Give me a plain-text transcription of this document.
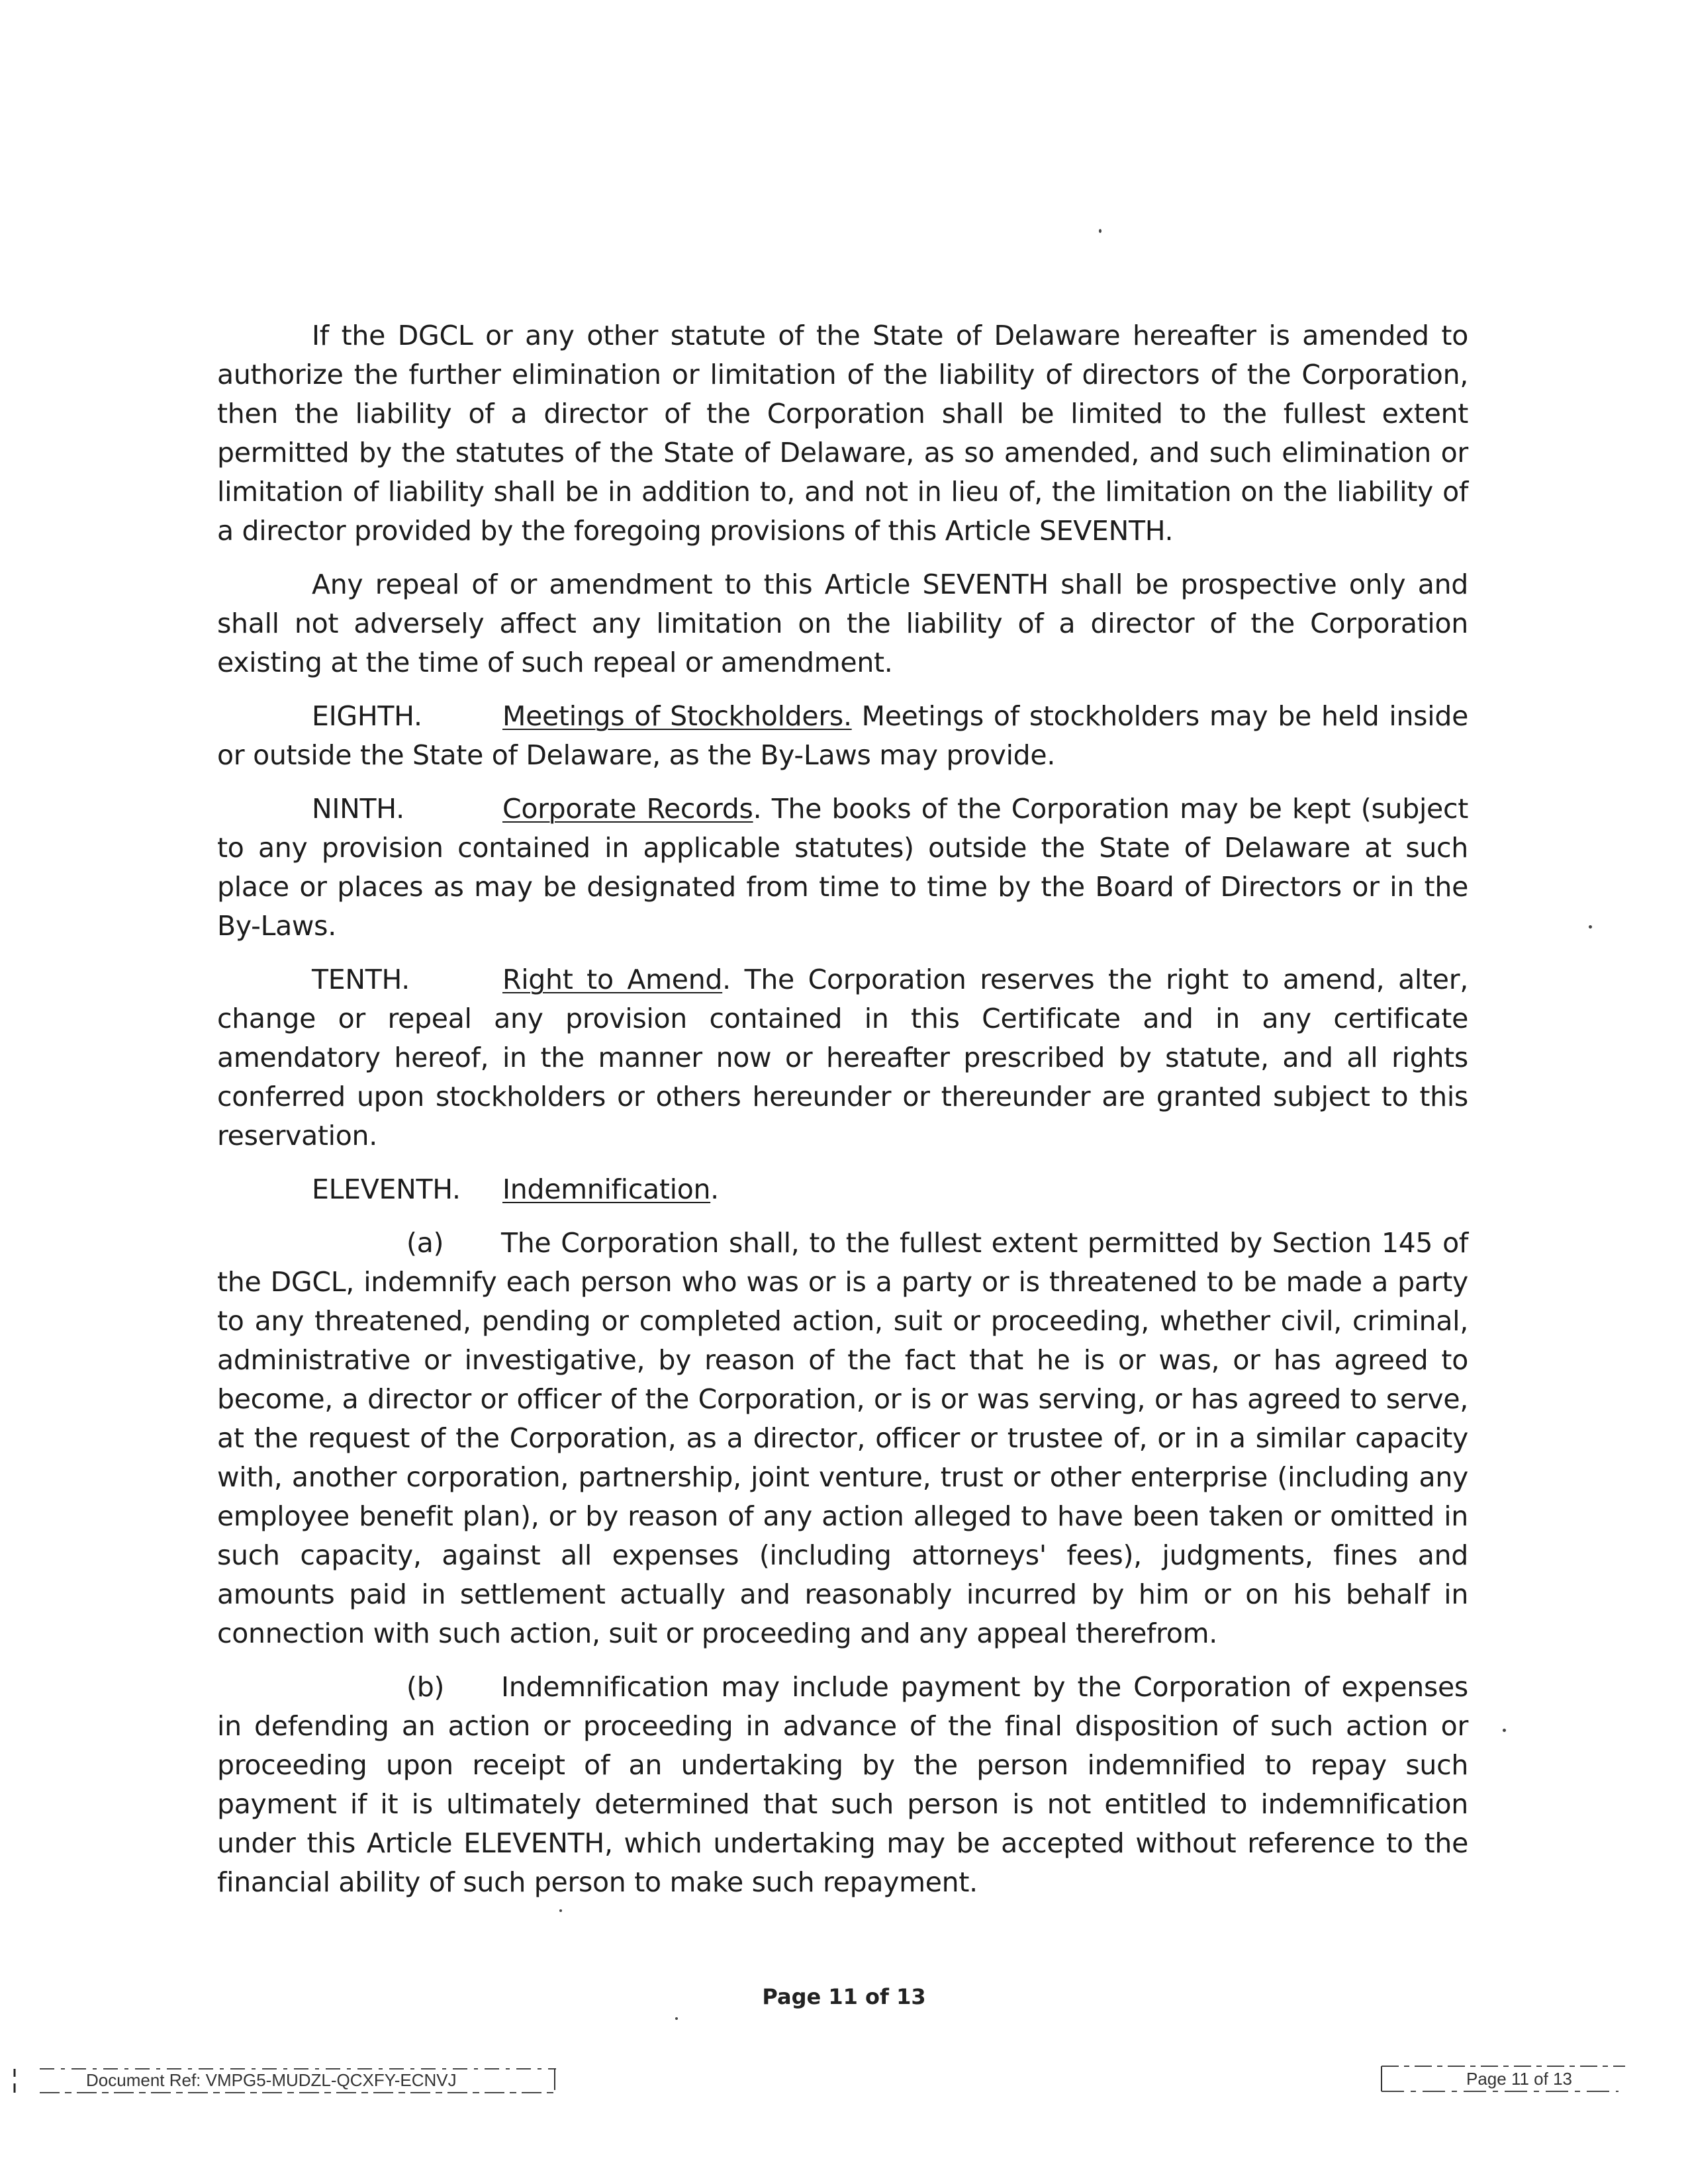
If the DGCL or any other statute of the State of Delaware hereafter is amended to authorize the further elimination or limitation of the liability of directors of the Corporation, then the liability of a director of the Corporation shall be limited to the fullest extent permitted by the statutes of the State of Delaware, as so amended, and such elimination or limitation of liability shall be in addition to, and not in lieu of, the limitation on the liability of a director provided by the foregoing provisions of this Article SEVENTH.

Any repeal of or amendment to this Article SEVENTH shall be prospective only and shall not adversely affect any limitation on the liability of a director of the Corporation existing at the time of such repeal or amendment.

EIGHTH.	Meetings of Stockholders. Meetings of stockholders may be held inside or outside the State of Delaware, as the By-Laws may provide.

NINTH.	Corporate Records. The books of the Corporation may be kept (subject to any provision contained in applicable statutes) outside the State of Delaware at such place or places as may be designated from time to time by the Board of Directors or in the By-Laws.

TENTH.	Right to Amend. The Corporation reserves the right to amend, alter, change or repeal any provision contained in this Certificate and in any certificate amendatory hereof, in the manner now or hereafter prescribed by statute, and all rights conferred upon stockholders or others hereunder or thereunder are granted subject to this reservation.

ELEVENTH. Indemnification.

(a) The Corporation shall, to the fullest extent permitted by Section 145 of the DGCL, indemnify each person who was or is a party or is threatened to be made a party to any threatened, pending or completed action, suit or proceeding, whether civil, criminal, administrative or investigative, by reason of the fact that he is or was, or has agreed to become, a director or officer of the Corporation, or is or was serving, or has agreed to serve, at the request of the Corporation, as a director, officer or trustee of, or in a similar capacity with, another corporation, partnership, joint venture, trust or other enterprise (including any employee benefit plan), or by reason of any action alleged to have been taken or omitted in such capacity, against all expenses (including attorneys' fees), judgments, fines and amounts paid in settlement actually and reasonably incurred by him or on his behalf in connection with such action, suit or proceeding and any appeal therefrom.

(b) Indemnification may include payment by the Corporation of expenses in defending an action or proceeding in advance of the final disposition of such action or proceeding upon receipt of an undertaking by the person indemnified to repay such payment if it is ultimately determined that such person is not entitled to indemnification under this Article ELEVENTH, which undertaking may be accepted without reference to the financial ability of such person to make such repayment.

Page 11 of 13
Document Ref: VMPG5-MUDZL-QCXFY-ECNVJ	Page 11 of 13
